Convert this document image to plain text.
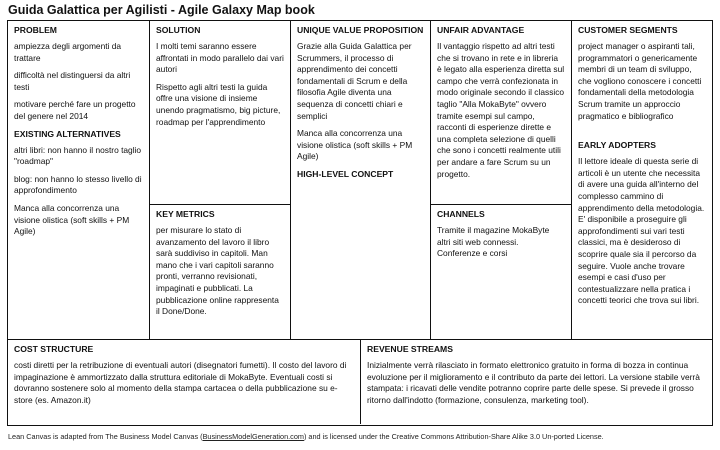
Guida Galattica per Agilisti - Agile Galaxy Map book
PROBLEM

ampiezza degli argomenti da trattare

difficoltà nel distinguersi da altri testi

motivare perché fare un progetto del genere nel 2014

EXISTING ALTERNATIVES

altri libri: non hanno il nostro taglio "roadmap"

blog: non hanno lo stesso livello di approfondimento

Manca alla concorrenza una visione olistica (soft skills + PM Agile)

SOLUTION

I molti temi saranno essere affrontati in modo parallelo dai vari autori

Rispetto agli altri testi la guida offre una visione di insieme unendo pragmatismo, big picture, roadmap per l'apprendimento

KEY METRICS

per misurare lo stato di avanzamento del lavoro il libro sarà suddiviso in capitoli. Man mano che i vari capitoli saranno pronti, verranno revisionati, impaginati e pubblicati. La pubblicazione online rappresenta il Done/Done.

UNIQUE VALUE PROPOSITION

Grazie alla Guida Galattica per Scrummers, il processo di apprendimento dei concetti fondamentali di Scrum e della filosofia Agile diventa una sequenza di concetti chiari e semplici

Manca alla concorrenza una visione olistica (soft skills + PM Agile)

HIGH-LEVEL CONCEPT
UNFAIR ADVANTAGE

Il vantaggio rispetto ad altri testi che si trovano in rete e in libreria è legato alla esperienza diretta sul campo che verrà confezionata in modo originale secondo il classico taglio "Alla MokaByte" ovvero tramite esempi sul campo, racconti di esperienze dirette e una completa selezione di quelli che sono i concetti realmente utili per andare a fare Scrum su un progetto.

CHANNELS
Tramite il magazine MokaByte
altri siti web connessi.
Conferenze e corsi
CUSTOMER SEGMENTS

project manager o aspiranti tali, programmatori o genericamente membri di un team di sviluppo, che vogliono conoscere i concetti fondamentali della metodologia Scrum tramite un approccio pragmatico e bibliografico

EARLY ADOPTERS

Il lettore ideale di questa serie di articoli è un utente che necessita di avere una guida all'interno del complesso cammino di apprendimento della metodologia. E' disponibile a proseguire gli approfondimenti sui vari testi classici, ma è desideroso di scoprire quale sia il percorso da seguire. Vuole anche trovare esempi e casi d'uso per contestualizzare nella pratica i concetti teorici che trova sui libri.

COST STRUCTURE

costi diretti per la retribuzione di eventuali autori (disegnatori fumetti). Il costo del lavoro di impaginazione è ammortizzato dalla struttura editoriale di MokaByte. Eventuali costi si dovranno sostenere solo al momento della stampa cartacea o della pubblicazione su e-store (es. Amazon.it)

REVENUE STREAMS

Inizialmente verrà rilasciato in formato elettronico gratuito in forma di bozza in continua evoluzione per il miglioramento e il contributo da parte dei lettori. La versione stabile verrà stampata: i ricavati delle vendite potranno coprire parte delle spese. Si prevede il grosso ritorno dall'indotto (formazione, consulenza, marketing tool).

Lean Canvas is adapted from The Business Model Canvas (BusinessModelGeneration.com) and is licensed under the Creative Commons Attribution-Share Alike 3.0 Un-ported License.
